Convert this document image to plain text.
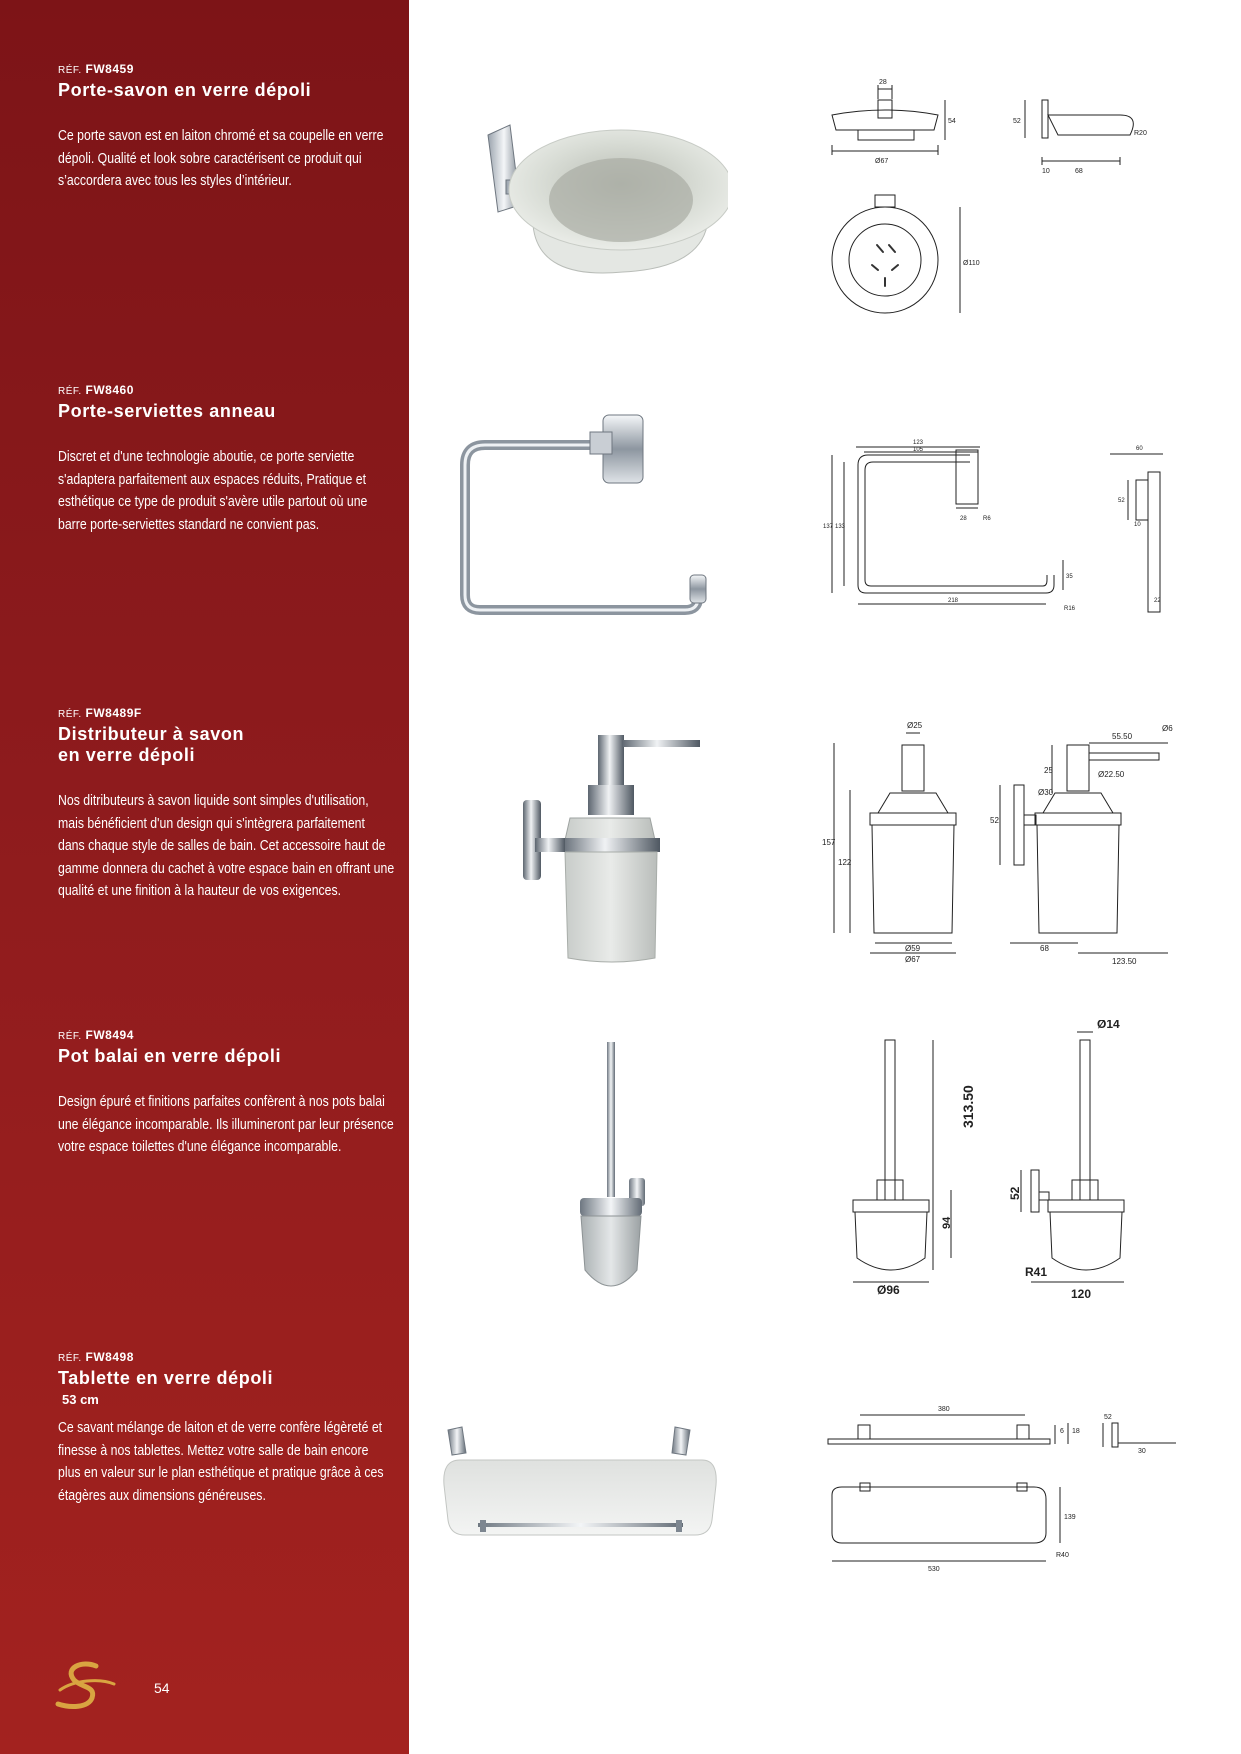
RÉF. FW8459
Porte-savon en verre dépoli
Ce porte savon est en laiton chromé et sa coupelle en verre dépoli. Qualité et look sobre caractérisent ce produit qui s’accordera avec tous les styles d’intérieur.
RÉF. FW8460
Porte-serviettes anneau
Discret et d'une technologie aboutie, ce porte serviette s'adaptera parfaitement aux espaces réduits, Pratique et esthétique ce type de produit s'avère utile partout où une barre porte-serviettes standard ne convient pas.
RÉF. FW8489F
Distributeur à savon
en verre dépoli
Nos ditributeurs à savon liquide sont simples d'utilisation, mais bénéficient d'un design qui s'intègrera parfaitement dans chaque style de salles de bain. Cet accessoire haut de gamme donnera du cachet à votre espace bain en offrant une qualité et une finition à la hauteur de vos exigences.
RÉF. FW8494
Pot balai en verre dépoli
Design épuré et finitions parfaites confèrent à nos pots balai une élégance incomparable. Ils illumineront par leur présence votre espace toilettes d'une élégance incomparable.
RÉF. FW8498
Tablette en verre dépoli
53 cm
Ce savant mélange de laiton et de verre confère légèreté et finesse à nos tablettes. Mettez votre salle de bain encore plus en valeur sur le plan esthétique et pratique grâce à ces étagères aux dimensions généreuses.
54
28
54
Ø67
52
R20
10	68
Ø110
123
105
137 133
R6
28
35
218
R16
60
52
10
22
Ø25
157
122
Ø59
Ø67
55.50
Ø6
25	Ø22.50
Ø30
52
68
123.50
313.50
94
Ø96
Ø14
52
R41
120
380
6 18
52
30
139
530
R40
